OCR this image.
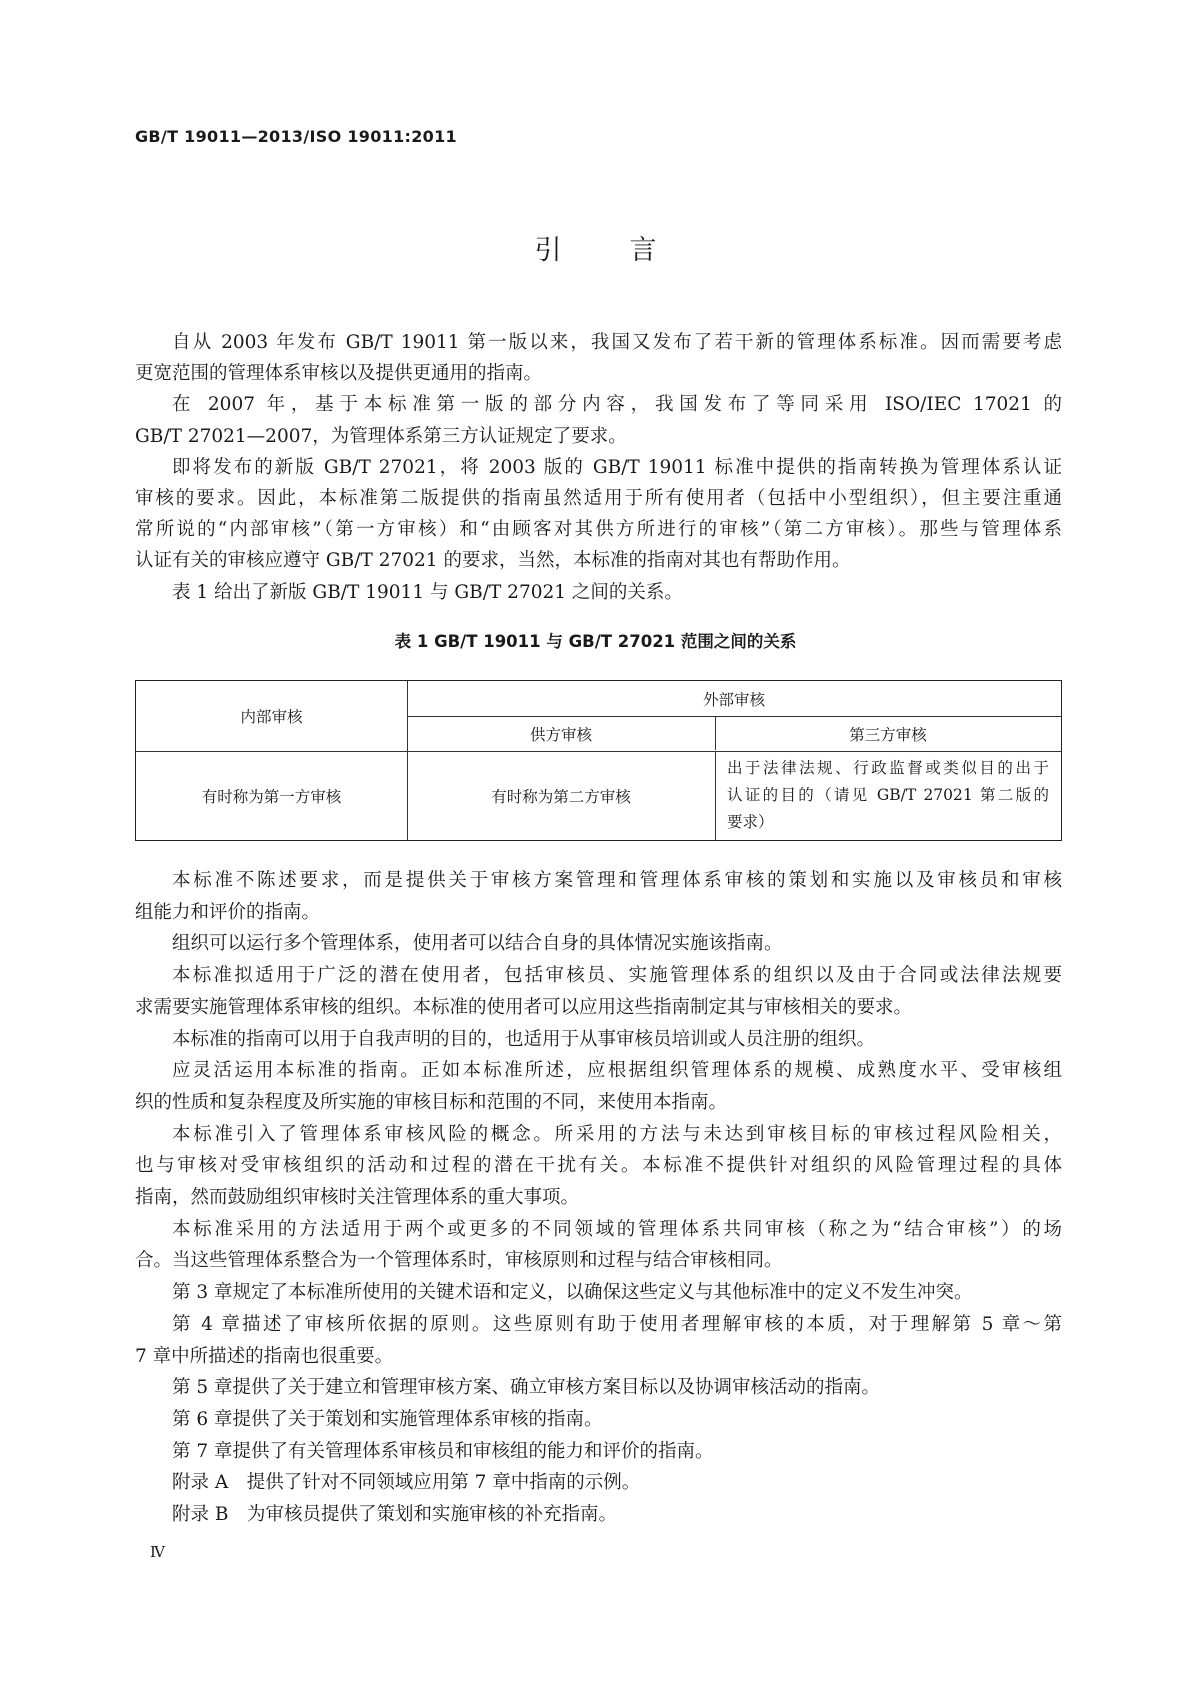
GB/T 19011—2013/ISO 19011:2011
引言
自从 2003 年发布 GB/T 19011 第一版以来，我国又发布了若干新的管理体系标准。因而需要考虑
更宽范围的管理体系审核以及提供更通用的指南。
在 2007 年，基于本标准第一版的部分内容，我国发布了等同采用 ISO/IEC 17021 的
GB/T 27021—2007，为管理体系第三方认证规定了要求。
即将发布的新版 GB/T 27021，将 2003 版的 GB/T 19011 标准中提供的指南转换为管理体系认证
审核的要求。因此，本标准第二版提供的指南虽然适用于所有使用者（包括中小型组织），但主要注重通
常所说的“内部审核”（第一方审核）和“由顾客对其供方所进行的审核”（第二方审核）。那些与管理体系
认证有关的审核应遵守 GB/T 27021 的要求，当然，本标准的指南对其也有帮助作用。
表 1 给出了新版 GB/T 19011 与 GB/T 27021 之间的关系。
表 1 GB/T 19011 与 GB/T 27021 范围之间的关系
内部审核
外部审核
供方审核	第三方审核
有时称为第一方审核	有时称为第二方审核
出于法律法规、行政监督或类似目的出于
认证的目的（请见 GB/T 27021 第二版的
要求）
本标准不陈述要求，而是提供关于审核方案管理和管理体系审核的策划和实施以及审核员和审核
组能力和评价的指南。
组织可以运行多个管理体系，使用者可以结合自身的具体情况实施该指南。
本标准拟适用于广泛的潜在使用者，包括审核员、实施管理体系的组织以及由于合同或法律法规要
求需要实施管理体系审核的组织。本标准的使用者可以应用这些指南制定其与审核相关的要求。
本标准的指南可以用于自我声明的目的，也适用于从事审核员培训或人员注册的组织。
应灵活运用本标准的指南。正如本标准所述，应根据组织管理体系的规模、成熟度水平、受审核组
织的性质和复杂程度及所实施的审核目标和范围的不同，来使用本指南。
本标准引入了管理体系审核风险的概念。所采用的方法与未达到审核目标的审核过程风险相关，
也与审核对受审核组织的活动和过程的潜在干扰有关。本标准不提供针对组织的风险管理过程的具体
指南，然而鼓励组织审核时关注管理体系的重大事项。
本标准采用的方法适用于两个或更多的不同领域的管理体系共同审核（称之为“结合审核”）的场
合。当这些管理体系整合为一个管理体系时，审核原则和过程与结合审核相同。
第 3 章规定了本标准所使用的关键术语和定义，以确保这些定义与其他标准中的定义不发生冲突。
第 4 章描述了审核所依据的原则。这些原则有助于使用者理解审核的本质，对于理解第 5 章～第
7 章中所描述的指南也很重要。
第 5 章提供了关于建立和管理审核方案、确立审核方案目标以及协调审核活动的指南。
第 6 章提供了关于策划和实施管理体系审核的指南。
第 7 章提供了有关管理体系审核员和审核组的能力和评价的指南。
附录 A　提供了针对不同领域应用第 7 章中指南的示例。
附录 B　为审核员提供了策划和实施审核的补充指南。
Ⅳ
